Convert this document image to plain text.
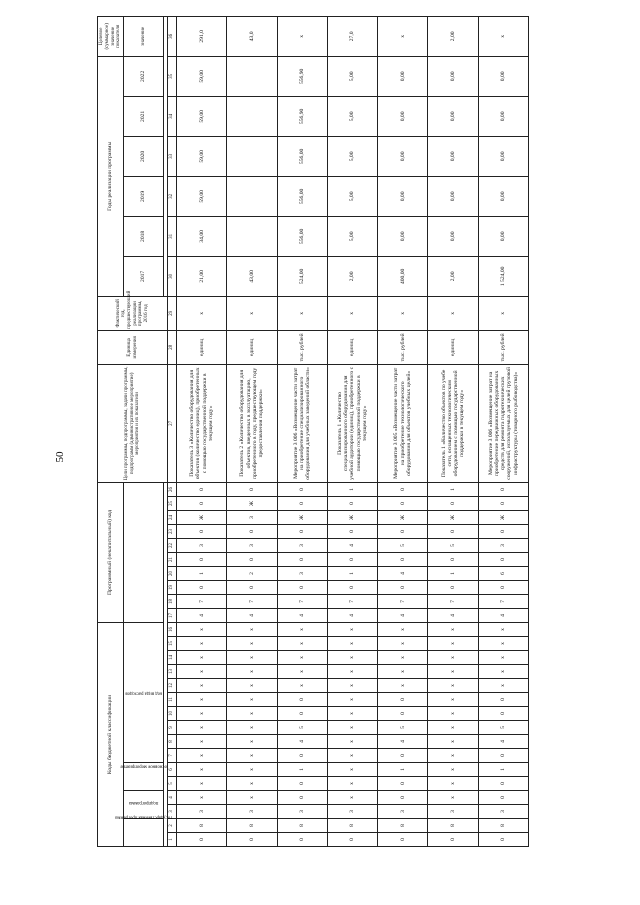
50
Коды бюджетной классификации																Программный (некапитальный) код										Цели программы, подпрограммы, задачи программы, подпрограмм (административное мероприятие) мероприятия и их показатели	Единица измерения	Фактический год, предшествующий реализации программы, 2016 год	Годы реализации программы						Целевое (суммарное) значение показателя	
государственная программа		подпрограмма		основное мероприятие		код вида расходов																							2017	2018	2019	2020	2021	2022	значение	

1	2	3	4	5	6	7	8	9	10	11	12	13	14	15	16	17	18	19	20	21	22	23	24	25	26	27	28	29	30	31	32	33	34	35	36	
0	8	3	х	х	х	х	х	х	х	х	х	х	х	х	х	4	7	0	1	0	3	0	Ж	0	0	Показатель 3 «Количество оборудования для объектов (количество единиц), приобретенных с помощью государственной поддержки в текущем году»	единиц	х	21,00	34,00	59,00	59,00	59,00	59,00	291,0	
0	8	3	х	х	х	х	х	х	х	х	х	х	х	х	х	4	7	0	2	0	3	0	3	Ж	0	Показатель 2 «Количество оборудования для объектов, введенных в эксплуатацию, приобретенного в году, предшествующем году предоставления поддержки»	единиц	х	43,00						43,0	
0	8	3	0	0	1	0	4	5	0	0	х	х	х	х	х	4	7	0	3	0	3	0	Ж	0	0	Мероприятие 3 006 «Возмещение части затрат на приобретение специализированного оборудования для учебных заведений области»	тыс. рублей	х	524,00	556,00	556,00	556,00	556,90	556,90	х	
0	8	3	х	х	х	х	х	х	х	х	х	х	х	х	х	4	7	0	1	0	4	0	Ж	0	1	Показатель 1 «Количество специализированного оборудования для учебной аудитории (единиц), приобретенного с помощью государственной поддержки в текущем году»	единиц	х	2,00	5,00	5,00	5,00	5,00	5,00	27,0	
0	8	3	0	0	1	0	4	5	0	0	х	х	х	х	х	4	7	0	4	0	5	0	Ж	0	0	Мероприятие 3 005 «Возмещение части затрат на приобретение технологического оборудования для объектов учебных целей»	тыс. рублей	х	400,00	0,00	0,00	0,00	0,00	0,00	х	
0	8	3	х	х	х	х	х	х	х	х	х	х	х	х	х	4	7	0	1	0	5	0	Ж	0	1	Показатель 1 «Количество объектов по учебе сети, оснащенных технологическим оборудованием с помощью государственной поддержки в текущем году»	единиц	х	2,00	0,00	0,00	0,00	0,00	0,00	2,00	
0	8	3	0	0	1	0	4	5	0	0	х	х	х	х	х	4	7	0	6	0	3	0	Ж	0	0	Мероприятие 3 006 «Возмещение затрат на приобретение передвижных оборудованных средств для ремонта гидротехнических сооружений, используемых для целей грузовой инфраструктуры (товарного рыбоводства)»	тыс. рублей	х	1 524,00	0,00	0,00	0,00	0,00	0,00	х	
